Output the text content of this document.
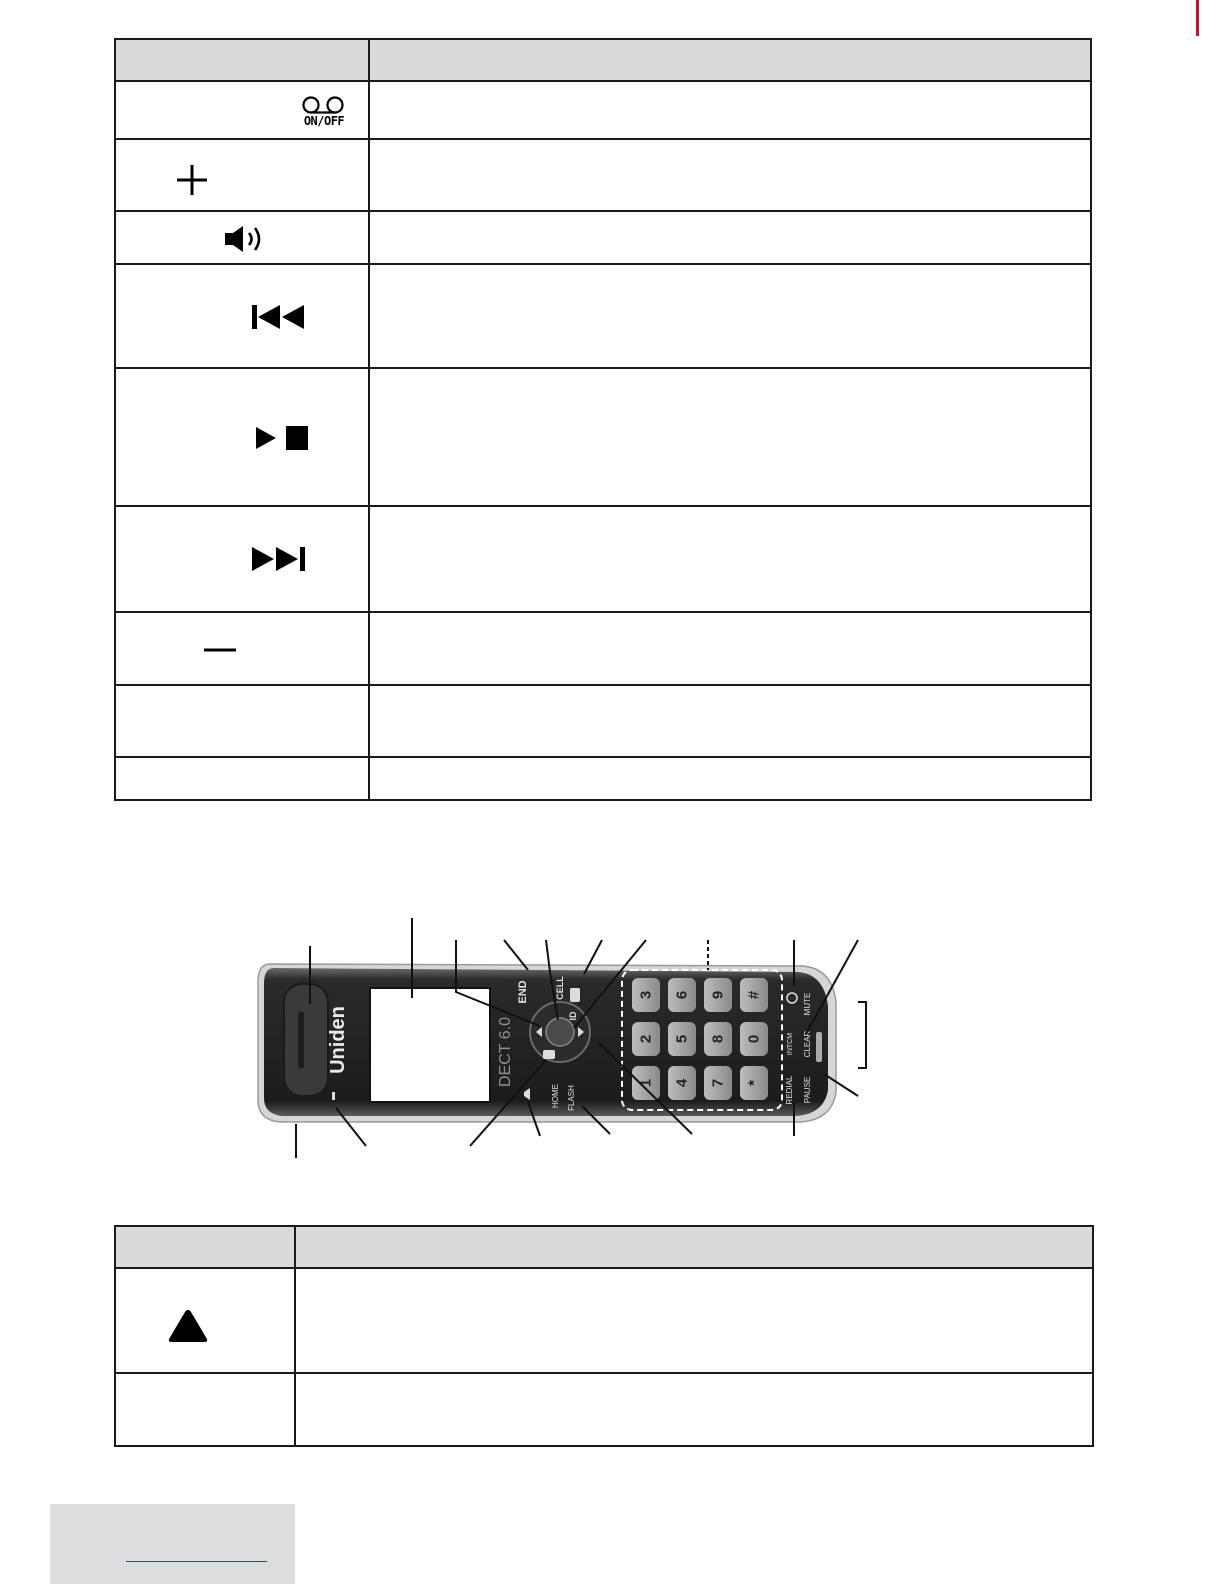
ON/OFF	

Uniden	DECT 6.0
END	CELL
ID
HOME FLASH
3 6 9 #
2 5 8 0
1 4 7 *
MUTE
INTCM CLEAR
REDIAL PAUSE
